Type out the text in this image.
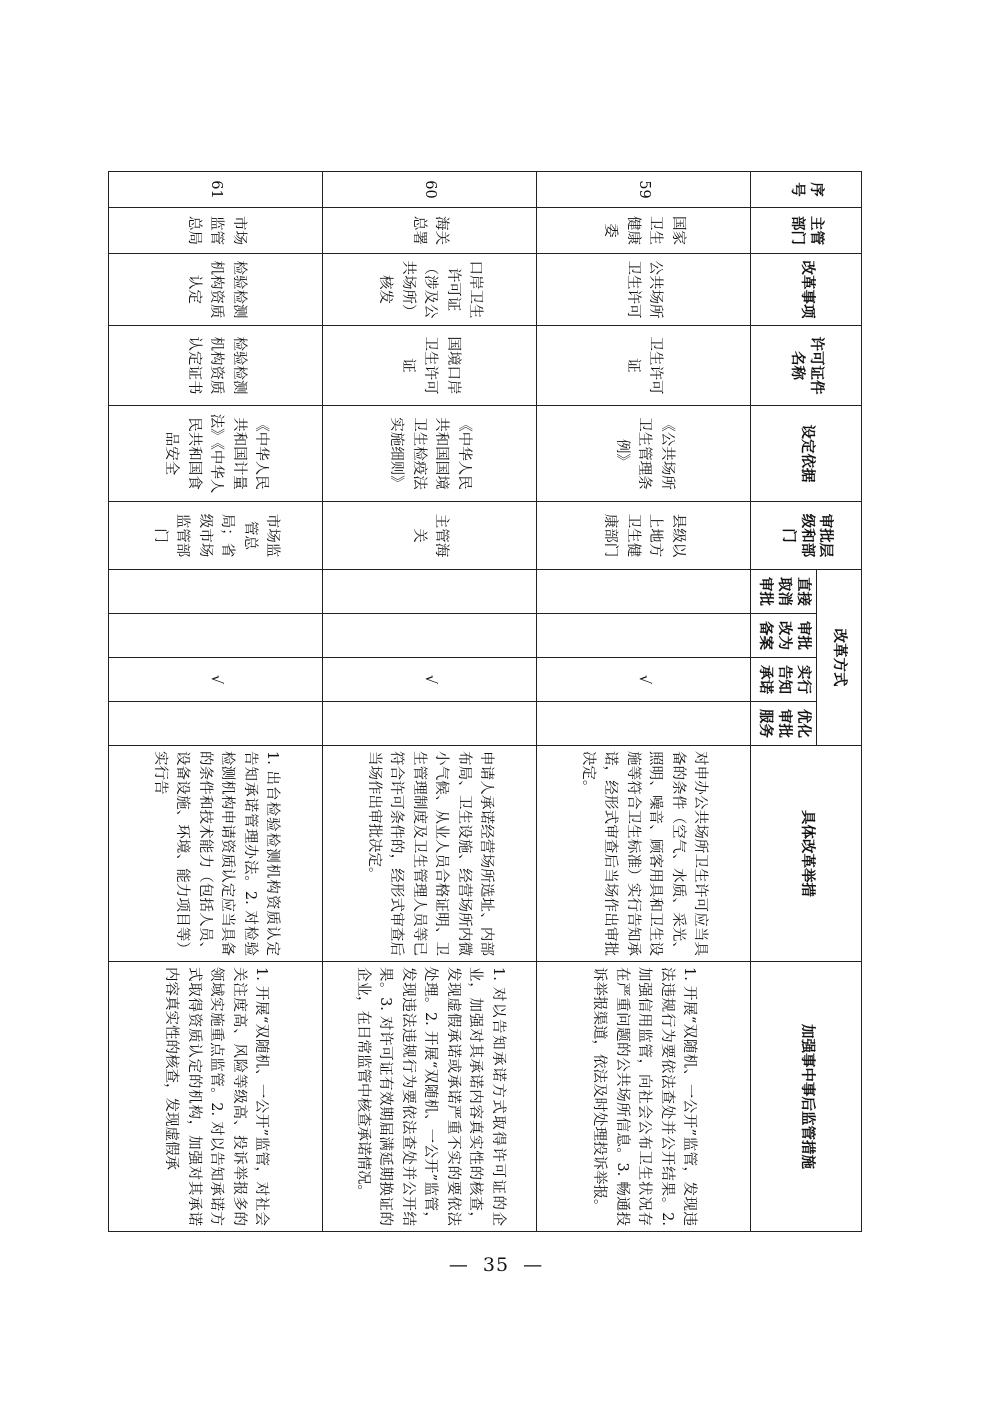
序号	主管部门	改革事项	许可证件名称	设定依据	审批层级和部门	改革方式				具体改革举措	加强事中事后监管措施
						直接取消审批	审批改为备案	实行告知承诺	优化审批服务		
59	国家卫生健康委	公共场所卫生许可	卫生许可证	《公共场所卫生管理条例》	县级以上地方卫生健康部门			√		对申办公共场所卫生许可应当具备的条件（空气、水质、采光、照明、噪音、顾客用具和卫生设施等符合卫生标准）实行告知承诺，经形式审查后当场作出审批决定。	1. 开展“双随机、一公开”监管，发现违法违规行为要依法查处并公开结果。2. 加强信用监管，向社会公布卫生状况存在严重问题的公共场所信息。3. 畅通投诉举报渠道，依法及时处理投诉举报。
60	海关总署	口岸卫生许可证（涉及公共场所）核发	国境口岸卫生许可证	《中华人民共和国国境卫生检疫法实施细则》	主管海关			√		申请人承诺经营场所选址、内部布局、卫生设施、经营场所内微小气候、从业人员合格证明、卫生管理制度及卫生管理人员等已符合许可条件的，经形式审查后当场作出审批决定。	1. 对以告知承诺方式取得许可证的企业，加强对其承诺内容真实性的核查，发现虚假承诺或承诺严重不实的要依法处理。2. 开展“双随机、一公开”监管，发现违法违规行为要依法查处并公开结果。3. 对许可证有效期届满延期换证的企业，在日常监管中核查承诺情况。
61	市场监管总局	检验检测机构资质认定	检验检测机构资质认定证书	《中华人民共和国计量法》《中华人民共和国食品安全	市场监管总局；省级市场监管部门			√		1. 出台检验检测机构资质认定告知承诺管理办法。2. 对检验检测机构申请资质认定应当具备的条件和技术能力（包括人员、设备设施、环境、能力项目等）实行告	1. 开展“双随机、一公开”监管，对社会关注度高、风险等级高、投诉举报多的领域实施重点监管。2. 对以告知承诺方式取得资质认定的机构，加强对其承诺内容真实性的核查，发现虚假承
— 35 —
